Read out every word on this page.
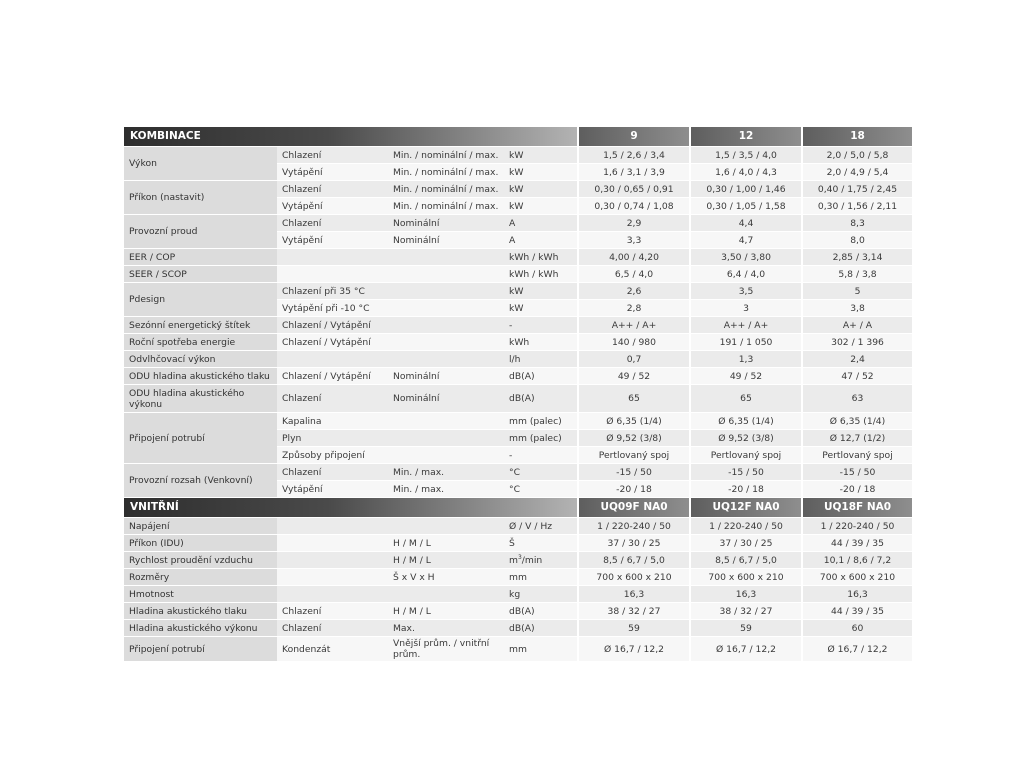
KOMBINACE				9	12	18
Výkon	Chlazení	Min. / nominální / max.	kW	1,5 / 2,6 / 3,4	1,5 / 3,5 / 4,0	2,0 / 5,0 / 5,8
	Vytápění	Min. / nominální / max.	kW	1,6 / 3,1 / 3,9	1,6 / 4,0 / 4,3	2,0 / 4,9 / 5,4
Příkon (nastavit)	Chlazení	Min. / nominální / max.	kW	0,30 / 0,65 / 0,91	0,30 / 1,00 / 1,46	0,40 / 1,75 / 2,45
	Vytápění	Min. / nominální / max.	kW	0,30 / 0,74 / 1,08	0,30 / 1,05 / 1,58	0,30 / 1,56 / 2,11
Provozní proud	Chlazení	Nominální	A	2,9	4,4	8,3
	Vytápění	Nominální	A	3,3	4,7	8,0
EER / COP			kWh / kWh	4,00 / 4,20	3,50 / 3,80	2,85 / 3,14
SEER / SCOP			kWh / kWh	6,5 / 4,0	6,4 / 4,0	5,8 / 3,8
Pdesign	Chlazení při 35 °C		kW	2,6	3,5	5
	Vytápění při -10 °C		kW	2,8	3	3,8
Sezónní energetický štítek	Chlazení / Vytápění		-	A++ / A+	A++ / A+	A+ / A
Roční spotřeba energie	Chlazení / Vytápění		kWh	140 / 980	191 / 1 050	302 / 1 396
Odvlhčovací výkon			l/h	0,7	1,3	2,4
ODU hladina akustického tlaku	Chlazení / Vytápění	Nominální	dB(A)	49 / 52	49 / 52	47 / 52
ODU hladina akustického výkonu	Chlazení	Nominální	dB(A)	65	65	63
Připojení potrubí	Kapalina		mm (palec)	Ø 6,35 (1/4)	Ø 6,35 (1/4)	Ø 6,35 (1/4)
	Plyn		mm (palec)	Ø 9,52 (3/8)	Ø 9,52 (3/8)	Ø 12,7 (1/2)
	Způsoby připojení		-	Pertlovaný spoj	Pertlovaný spoj	Pertlovaný spoj
Provozní rozsah (Venkovní)	Chlazení	Min. / max.	°C	-15 / 50	-15 / 50	-15 / 50
	Vytápění	Min. / max.	°C	-20 / 18	-20 / 18	-20 / 18
VNITŘNÍ				UQ09F NA0	UQ12F NA0	UQ18F NA0
Napájení			Ø / V / Hz	1 / 220-240 / 50	1 / 220-240 / 50	1 / 220-240 / 50
Příkon (IDU)		H / M / L	Š	37 / 30 / 25	37 / 30 / 25	44 / 39 / 35
Rychlost proudění vzduchu		H / M / L	$m^3/\min$	8,5 / 6,7 / 5,0	8,5 / 6,7 / 5,0	10,1 / 8,6 / 7,2
Rozměry		Š x V x H	mm	700 x 600 x 210	700 x 600 x 210	700 x 600 x 210
Hmotnost			kg	16,3	16,3	16,3
Hladina akustického tlaku	Chlazení	H / M / L	dB(A)	38 / 32 / 27	38 / 32 / 27	44 / 39 / 35
Hladina akustického výkonu	Chlazení	Max.	dB(A)	59	59	60
Připojení potrubí	Kondenzát	Vnější prům. / vnitřní prům.	mm	Ø 16,7 / 12,2	Ø 16,7 / 12,2	Ø 16,7 / 12,2
